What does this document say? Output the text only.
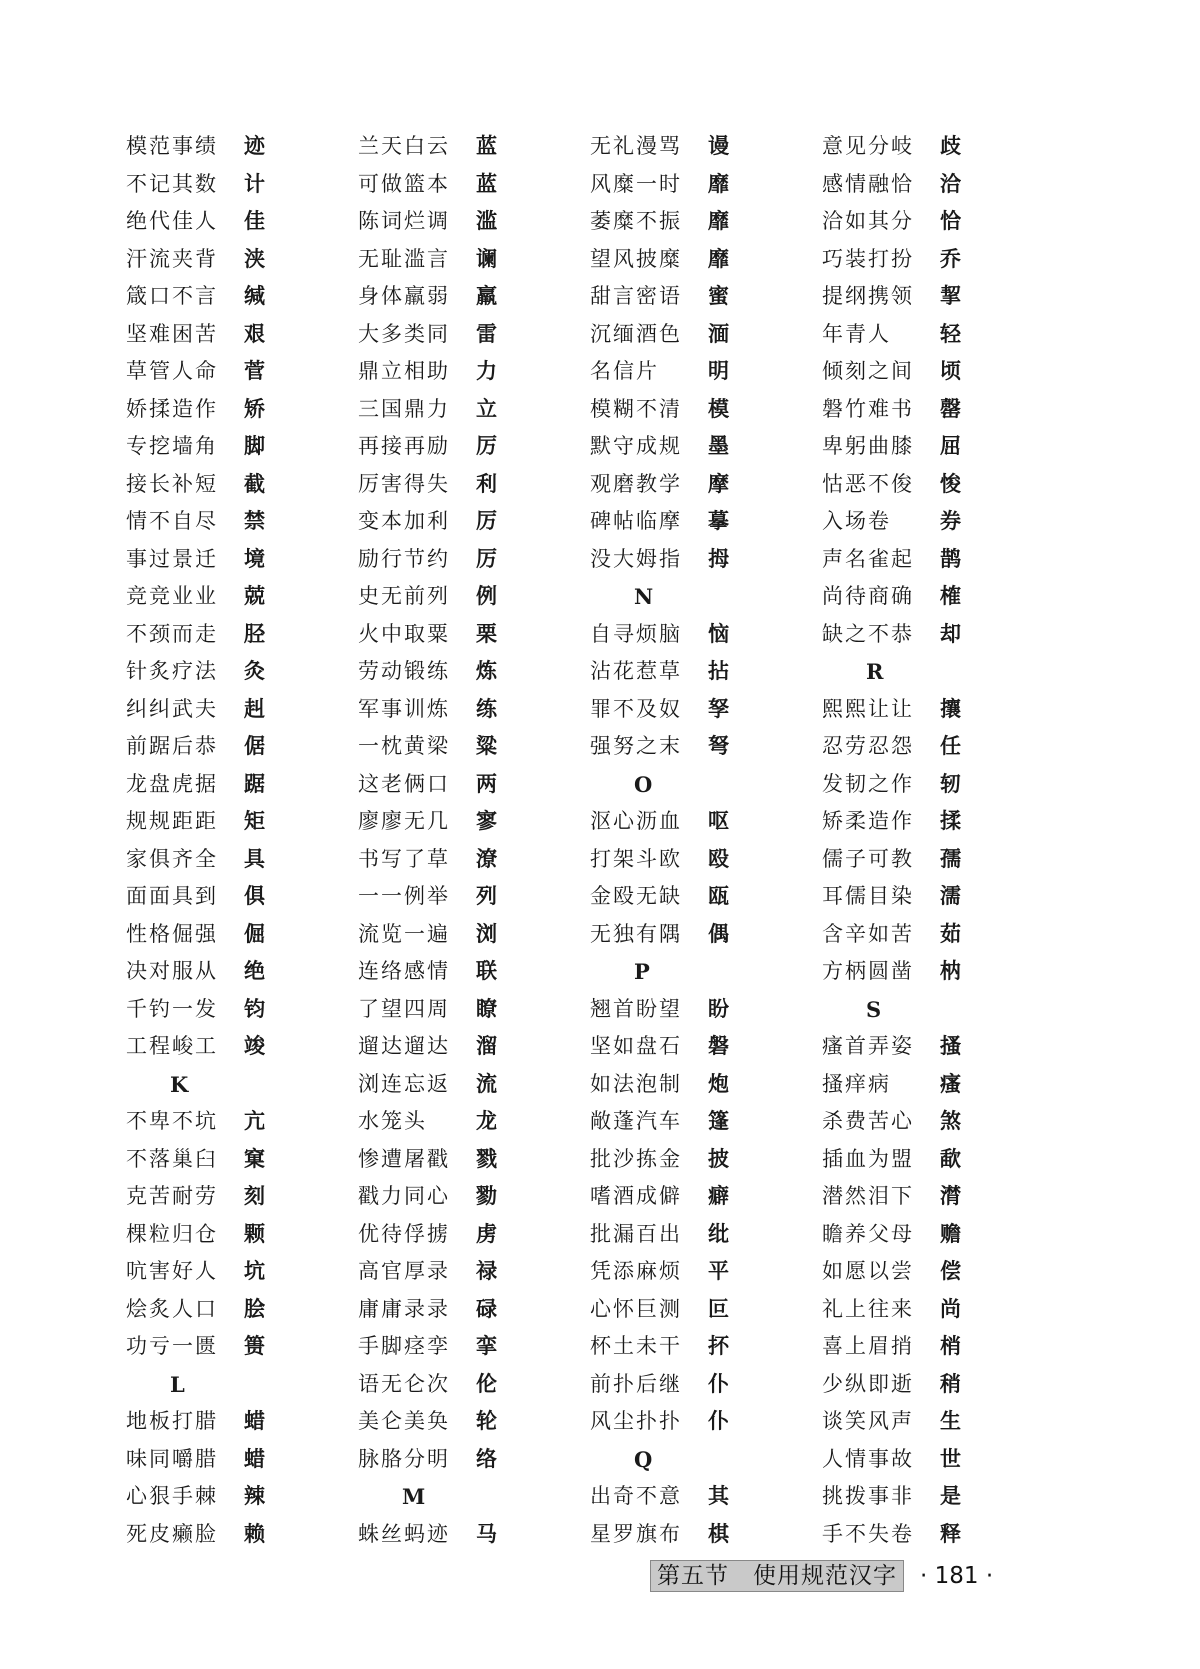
模范事绩 迹
不记其数 计
绝代佳人 佳
汗流夹背 浃
箴口不言 缄
坚难困苦 艰
草管人命 菅
娇揉造作 矫
专挖墙角 脚
接长补短 截
情不自尽 禁
事过景迁 境
竞竞业业 兢
不颈而走 胫
针炙疗法 灸
纠纠武夫 赳
前踞后恭 倨
龙盘虎据 踞
规规距距 矩
家俱齐全 具
面面具到 俱
性格倔强 倔
决对服从 绝
千钓一发 钧
工程峻工 竣
K
不卑不坑 亢
不落巢臼 窠
克苦耐劳 刻
棵粒归仓 颗
吭害好人 坑
烩炙人口 脍
功亏一匮 篑
L
地板打腊 蜡
味同嚼腊 蜡
心狠手棘 辣
死皮癞脸 赖
兰天白云 蓝
可做篮本 蓝
陈词烂调 滥
无耻滥言 谰
身体羸弱 羸
大多类同 雷
鼎立相助 力
三国鼎力 立
再接再励 厉
厉害得失 利
变本加利 厉
励行节约 厉
史无前列 例
火中取粟 栗
劳动锻练 炼
军事训炼 练
一枕黄梁 粱
这老俩口 两
廖廖无几 寥
书写了草 潦
一一例举 列
流览一遍 浏
连络感情 联
了望四周 瞭
遛达遛达 溜
浏连忘返 流
水笼头 龙
惨遭屠戳 戮
戳力同心 勠
优待俘掳 虏
高官厚录 禄
庸庸录录 碌
手脚痉孪 挛
语无仑次 伦
美仑美奂 轮
脉胳分明 络
M
蛛丝蚂迹 马
无礼漫骂 谩
风糜一时 靡
萎糜不振 靡
望风披糜 靡
甜言密语 蜜
沉缅酒色 湎
名信片 明
模糊不清 模
默守成规 墨
观磨教学 摩
碑帖临摩 摹
没大姆指 拇
N
自寻烦脑 恼
沾花惹草 拈
罪不及奴 孥
强努之末 弩
O
沤心沥血 呕
打架斗欧 殴
金殴无缺 瓯
无独有隅 偶
P
翘首盼望 盼
坚如盘石 磐
如法泡制 炮
敞蓬汽车 篷
批沙拣金 披
嗜酒成僻 癖
批漏百出 纰
凭添麻烦 平
心怀巨测 叵
杯土未干 抔
前扑后继 仆
风尘扑扑 仆
Q
出奇不意 其
星罗旗布 棋
意见分岐 歧
感情融恰 洽
洽如其分 恰
巧装打扮 乔
提纲携领 挈
年青人 轻
倾刻之间 顷
磐竹难书 罄
卑躬曲膝 屈
怙恶不俊 悛
入场卷 券
声名雀起 鹊
尚待商确 榷
缺之不恭 却
R
熙熙让让 攘
忍劳忍怨 任
发韧之作 轫
矫柔造作 揉
儒子可教 孺
耳儒目染 濡
含辛如苦 茹
方柄圆凿 枘
S
瘙首弄姿 搔
搔痒病 瘙
杀费苦心 煞
插血为盟 歃
潜然泪下 潸
瞻养父母 赡
如愿以尝 偿
礼上往来 尚
喜上眉捎 梢
少纵即逝 稍
谈笑风声 生
人情事故 世
挑拨事非 是
手不失卷 释
第五节　使用规范汉字	· 181 ·
